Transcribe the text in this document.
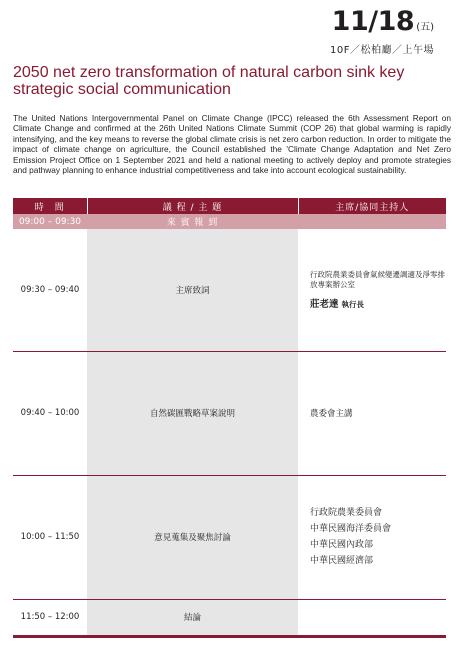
11/18 (五)
10F／松柏廳／上午場
2050 net zero transformation of natural carbon sink key strategic social communication

The United Nations Intergovernmental Panel on Climate Change (IPCC) released the 6th Assessment Report on Climate Change and confirmed at the 26th United Nations Climate Summit (COP 26) that global warming is rapidly intensifying, and the key means to reverse the global climate crisis is net zero carbon reduction. In order to mitigate the impact of climate change on agriculture, the Council established the 'Climate Change Adaptation and Net Zero Emission Project Office on 1 September 2021 and held a national meeting to actively deploy and promote strategies and pathway planning to enhance industrial competitiveness and take into account ecological sustainability.

時　間	議 程 / 主 題	主席/協同主持人
09:00 – 09:30	來 賓 報 到	
09:30 – 09:40	主席致詞	行政院農業委員會氣候變遷調適及淨零排放專案辦公室
莊老達 執行長

09:40 – 10:00	自然碳匯戰略草案說明	農委會主講
10:00 – 11:50	意見蒐集及聚焦討論	行政院農業委員會
中華民國海洋委員會
中華民國內政部
中華民國經濟部

11:50 – 12:00	結論	
